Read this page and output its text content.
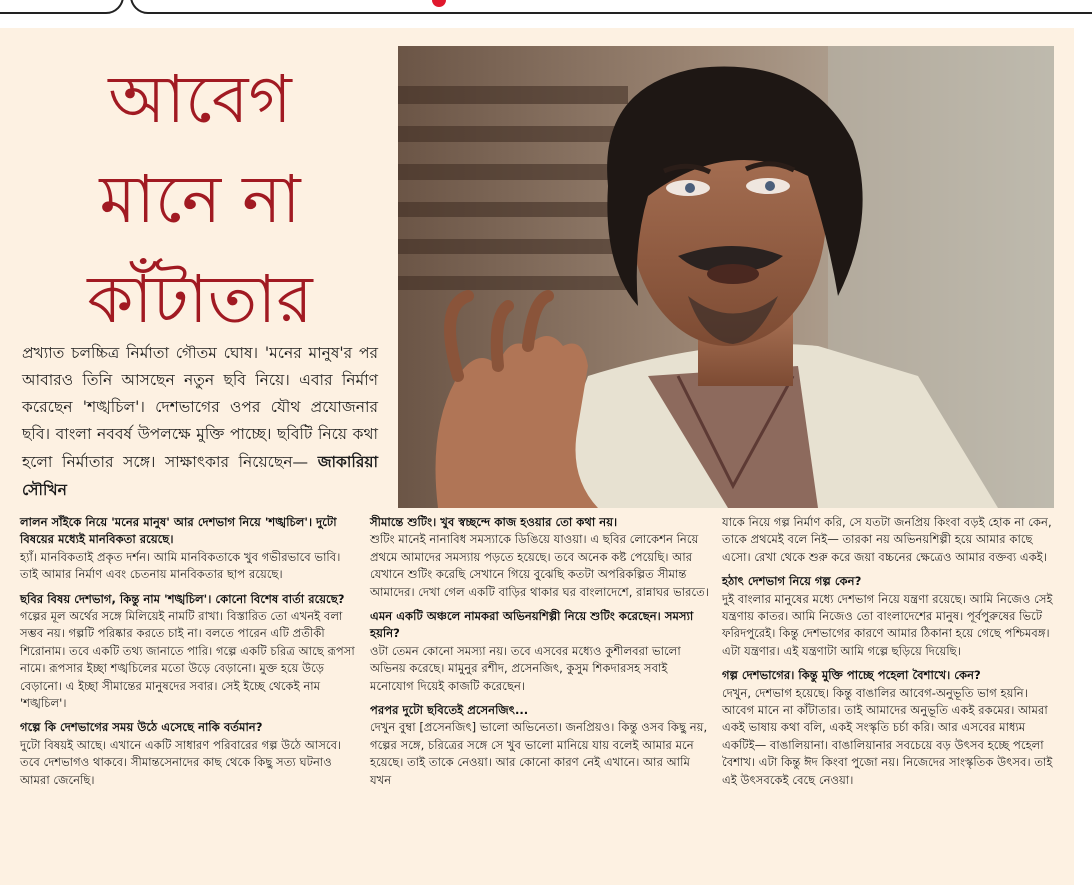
আবেগ
মানে না
কাঁটাতার
প্রখ্যাত চলচ্চিত্র নির্মাতা গৌতম ঘোষ। 'মনের মানুষ'র পর আবারও তিনি আসছেন নতুন ছবি নিয়ে। এবার নির্মাণ করেছেন 'শঙ্খচিল'। দেশভাগের ওপর যৌথ প্রযোজনার ছবি। বাংলা নববর্ষ উপলক্ষে মুক্তি পাচ্ছে। ছবিটি নিয়ে কথা হলো নির্মাতার সঙ্গে। সাক্ষাৎকার নিয়েছেন— জাকারিয়া সৌখিন

লালন সাঁইকে নিয়ে 'মনের মানুষ' আর দেশভাগ নিয়ে 'শঙ্খচিল'। দুটো বিষয়ের মধ্যেই মানবিকতা রয়েছে।

হ্যাঁ। মানবিকতাই প্রকৃত দর্শন। আমি মানবিকতাকে খুব গভীরভাবে ভাবি। তাই আমার নির্মাণ এবং চেতনায় মানবিকতার ছাপ রয়েছে।

ছবির বিষয় দেশভাগ, কিন্তু নাম 'শঙ্খচিল'। কোনো বিশেষ বার্তা রয়েছে?

গল্পের মূল অর্থের সঙ্গে মিলিয়েই নামটি রাখা। বিস্তারিত তো এখনই বলা সম্ভব নয়। গল্পটি পরিষ্কার করতে চাই না। বলতে পারেন এটি প্রতীকী শিরোনাম। তবে একটি তথ্য জানাতে পারি। গল্পে একটি চরিত্র আছে রূপসা নামে। রূপসার ইচ্ছা শঙ্খচিলের মতো উড়ে বেড়ানো। মুক্ত হয়ে উড়ে বেড়ানো। এ ইচ্ছা সীমান্তের মানুষদের সবার। সেই ইচ্ছে থেকেই নাম 'শঙ্খচিল'।

গল্পে কি দেশভাগের সময় উঠে এসেছে নাকি বর্তমান?

দুটো বিষয়ই আছে। এখানে একটি সাধারণ পরিবারের গল্প উঠে আসবে। তবে দেশভাগও থাকবে। সীমান্তসেনাদের কাছ থেকে কিছু সত্য ঘটনাও আমরা জেনেছি।

সীমান্তে শুটিং। খুব স্বচ্ছন্দে কাজ হওয়ার তো কথা নয়।

শুটিং মানেই নানাবিধ সমস্যাকে ডিঙিয়ে যাওয়া। এ ছবির লোকেশন নিয়ে প্রথমে আমাদের সমস্যায় পড়তে হয়েছে। তবে অনেক কষ্ট পেয়েছি। আর যেখানে শুটিং করেছি সেখানে গিয়ে বুঝেছি কতটা অপরিকল্পিত সীমান্ত আমাদের। দেখা গেল একটি বাড়ির থাকার ঘর বাংলাদেশে, রান্নাঘর ভারতে।

এমন একটি অঞ্চলে নামকরা অভিনয়শিল্পী নিয়ে শুটিং করেছেন। সমস্যা হয়নি?

ওটা তেমন কোনো সমস্যা নয়। তবে এসবের মধ্যেও কুশীলবরা ভালো অভিনয় করেছে। মামুনুর রশীদ, প্রসেনজিৎ, কুসুম শিকদারসহ সবাই মনোযোগ দিয়েই কাজটি করেছেন।

পরপর দুটো ছবিতেই প্রসেনজিৎ...

দেখুন বুম্বা [প্রসেনজিৎ] ভালো অভিনেতা। জনপ্রিয়ও। কিন্তু ওসব কিছু নয়, গল্পের সঙ্গে, চরিত্রের সঙ্গে সে খুব ভালো মানিয়ে যায় বলেই আমার মনে হয়েছে। তাই তাকে নেওয়া। আর কোনো কারণ নেই এখানে। আর আমি যখন

যাকে নিয়ে গল্প নির্মাণ করি, সে যতটা জনপ্রিয় কিংবা বড়ই হোক না কেন, তাকে প্রথমেই বলে নিই— তারকা নয় অভিনয়শিল্পী হয়ে আমার কাছে এসো। রেখা থেকে শুরু করে জয়া বচ্চনের ক্ষেত্রেও আমার বক্তব্য একই।

হঠাৎ দেশভাগ নিয়ে গল্প কেন?

দুই বাংলার মানুষের মধ্যে দেশভাগ নিয়ে যন্ত্রণা রয়েছে। আমি নিজেও সেই যন্ত্রণায় কাতর। আমি নিজেও তো বাংলাদেশের মানুষ। পূর্বপুরুষের ভিটে ফরিদপুরেই। কিন্তু দেশভাগের কারণে আমার ঠিকানা হয়ে গেছে পশ্চিমবঙ্গ। এটা যন্ত্রণার। এই যন্ত্রণাটা আমি গল্পে ছড়িয়ে দিয়েছি।

গল্প দেশভাগের। কিন্তু মুক্তি পাচ্ছে পহেলা বৈশাখে। কেন?

দেখুন, দেশভাগ হয়েছে। কিন্তু বাঙালির আবেগ-অনুভূতি ভাগ হয়নি। আবেগ মানে না কাঁটাতার। তাই আমাদের অনুভূতি একই রকমের। আমরা একই ভাষায় কথা বলি, একই সংস্কৃতি চর্চা করি। আর এসবের মাধ্যম একটিই— বাঙালিয়ানা। বাঙালিয়ানার সবচেয়ে বড় উৎসব হচ্ছে পহেলা বৈশাখ। এটা কিন্তু ঈদ কিংবা পুজো নয়। নিজেদের সাংস্কৃতিক উৎসব। তাই এই উৎসবকেই বেছে নেওয়া।
